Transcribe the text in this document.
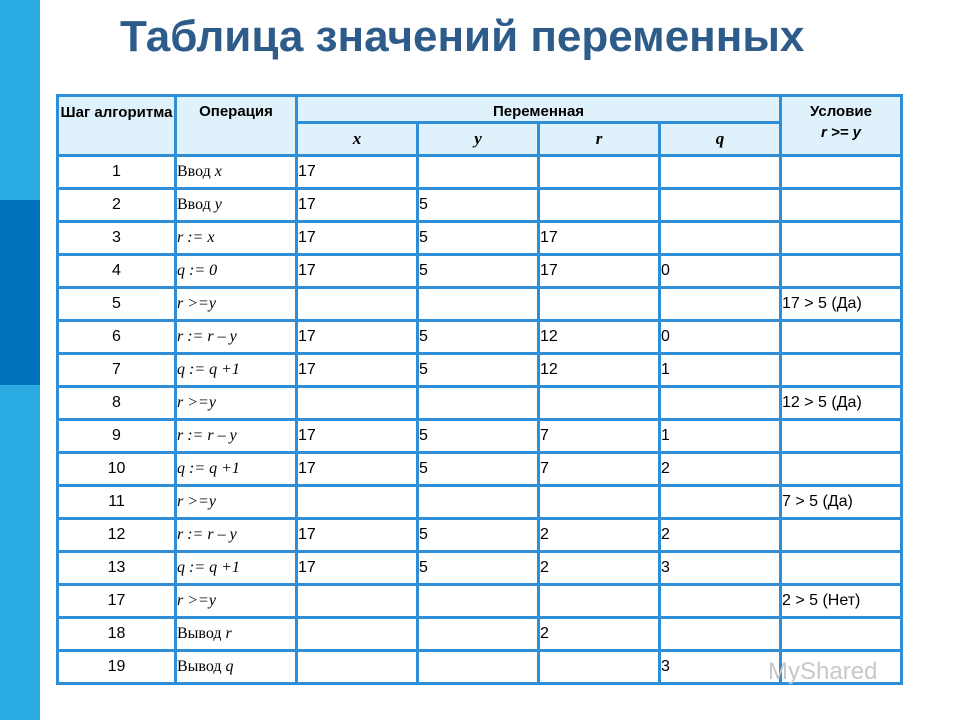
Таблица значений переменных
Шаг алгоритма	Операция	Переменная				Условие
r >= y

		x	y	r	q	
1	Ввод x	17				
2	Ввод y	17	5			
3	r := x	17	5	17		
4	q := 0	17	5	17	0	
5	r >=y					17 > 5 (Да)
6	r := r – y	17	5	12	0	
7	q := q +1	17	5	12	1	
8	r >=y					12 > 5 (Да)
9	r := r – y	17	5	7	1	
10	q := q +1	17	5	7	2	
11	r >=y					7 > 5 (Да)
12	r := r – y	17	5	2	2	
13	q := q +1	17	5	2	3	
17	r >=y					2 > 5 (Нет)
18	Вывод r			2		
19	Вывод q				3		MyShared
